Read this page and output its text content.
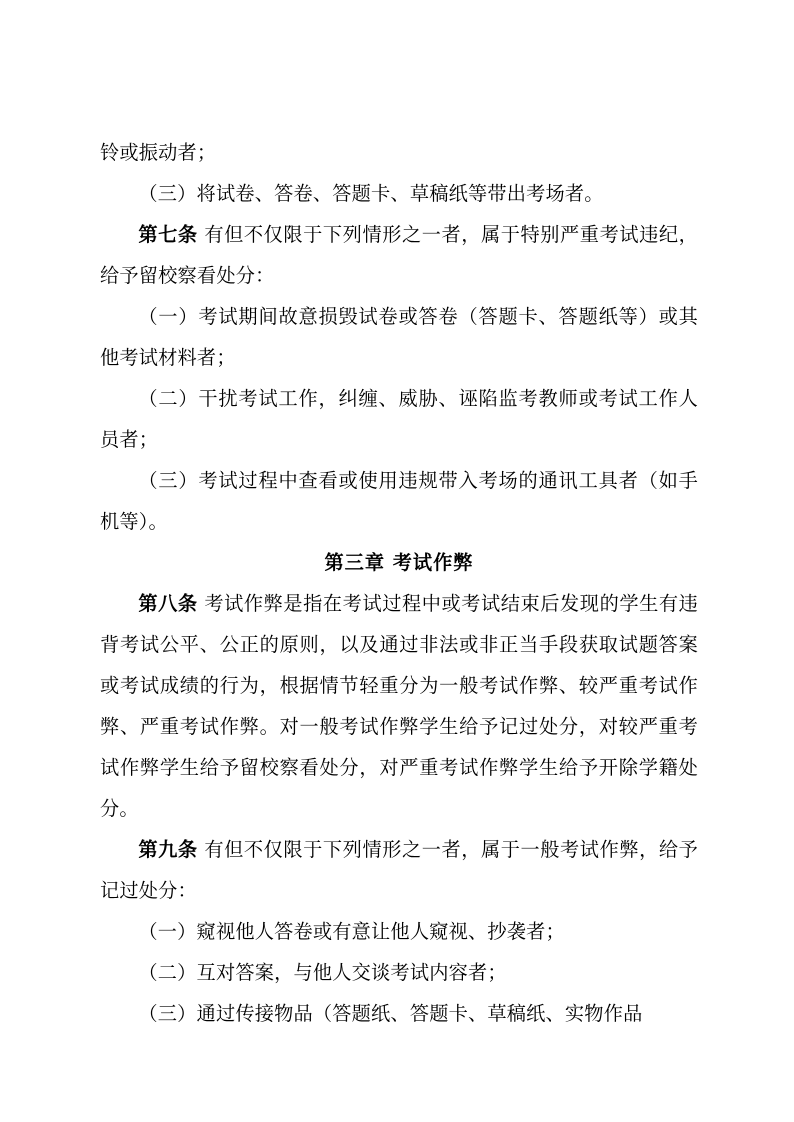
铃或振动者；

（三）将试卷、答卷、答题卡、草稿纸等带出考场者。

第七条 有但不仅限于下列情形之一者，属于特别严重考试违纪，给予留校察看处分：

（一）考试期间故意损毁试卷或答卷（答题卡、答题纸等）或其他考试材料者；

（二）干扰考试工作，纠缠、威胁、诬陷监考教师或考试工作人员者；

（三）考试过程中查看或使用违规带入考场的通讯工具者（如手机等）。

第三章 考试作弊

第八条 考试作弊是指在考试过程中或考试结束后发现的学生有违背考试公平、公正的原则，以及通过非法或非正当手段获取试题答案或考试成绩的行为，根据情节轻重分为一般考试作弊、较严重考试作弊、严重考试作弊。对一般考试作弊学生给予记过处分，对较严重考试作弊学生给予留校察看处分，对严重考试作弊学生给予开除学籍处分。

第九条 有但不仅限于下列情形之一者，属于一般考试作弊，给予记过处分：

（一）窥视他人答卷或有意让他人窥视、抄袭者；

（二）互对答案，与他人交谈考试内容者；

（三）通过传接物品（答题纸、答题卡、草稿纸、实物作品
